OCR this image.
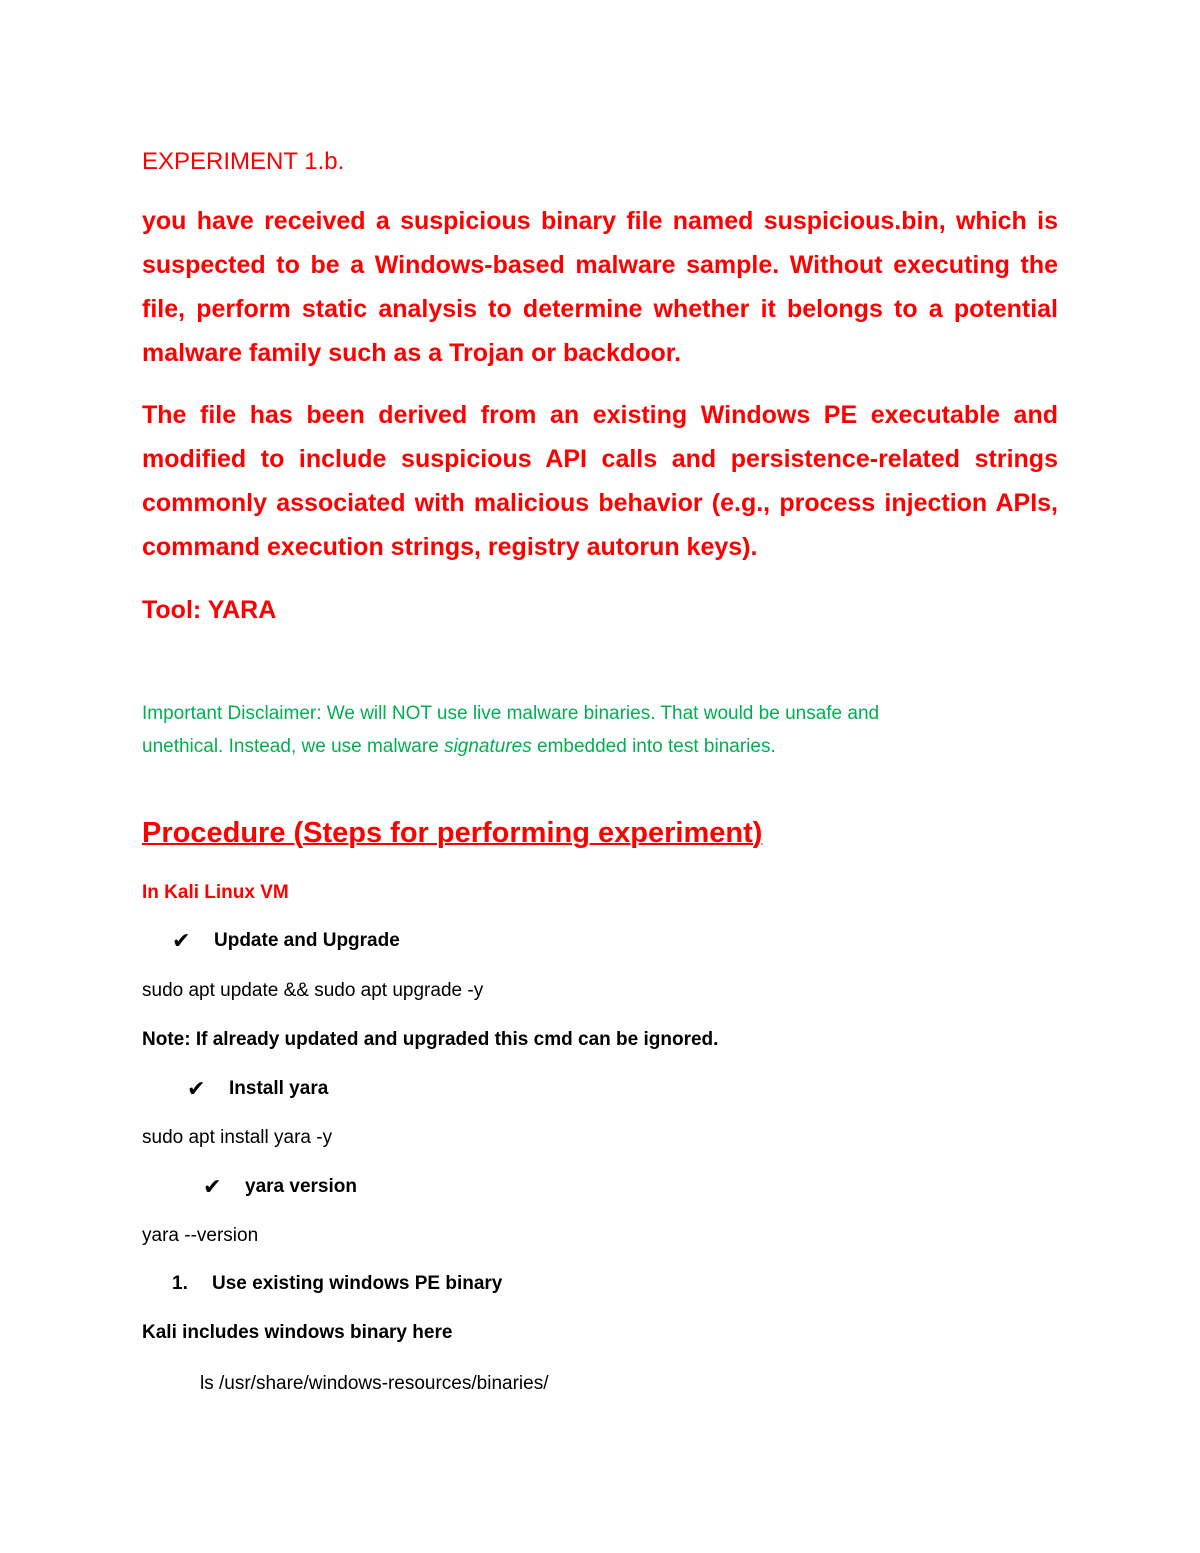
EXPERIMENT 1.b.

you have received a suspicious binary file named suspicious.bin, which is suspected to be a Windows-based malware sample. Without executing the file, perform static analysis to determine whether it belongs to a potential malware family such as a Trojan or backdoor.

The file has been derived from an existing Windows PE executable and modified to include suspicious API calls and persistence-related strings commonly associated with malicious behavior (e.g., process injection APIs, command execution strings, registry autorun keys).

Tool: YARA

Important Disclaimer: We will NOT use live malware binaries. That would be unsafe and

unethical. Instead, we use malware signatures embedded into test binaries.

Procedure (Steps for performing experiment)

In Kali Linux VM

✔	Update and Upgrade

sudo apt update && sudo apt upgrade -y

Note: If already updated and upgraded this cmd can be ignored.

✔	Install yara

sudo apt install yara -y

✔	yara version

yara --version

1.	Use existing windows PE binary

Kali includes windows binary here

ls /usr/share/windows-resources/binaries/
